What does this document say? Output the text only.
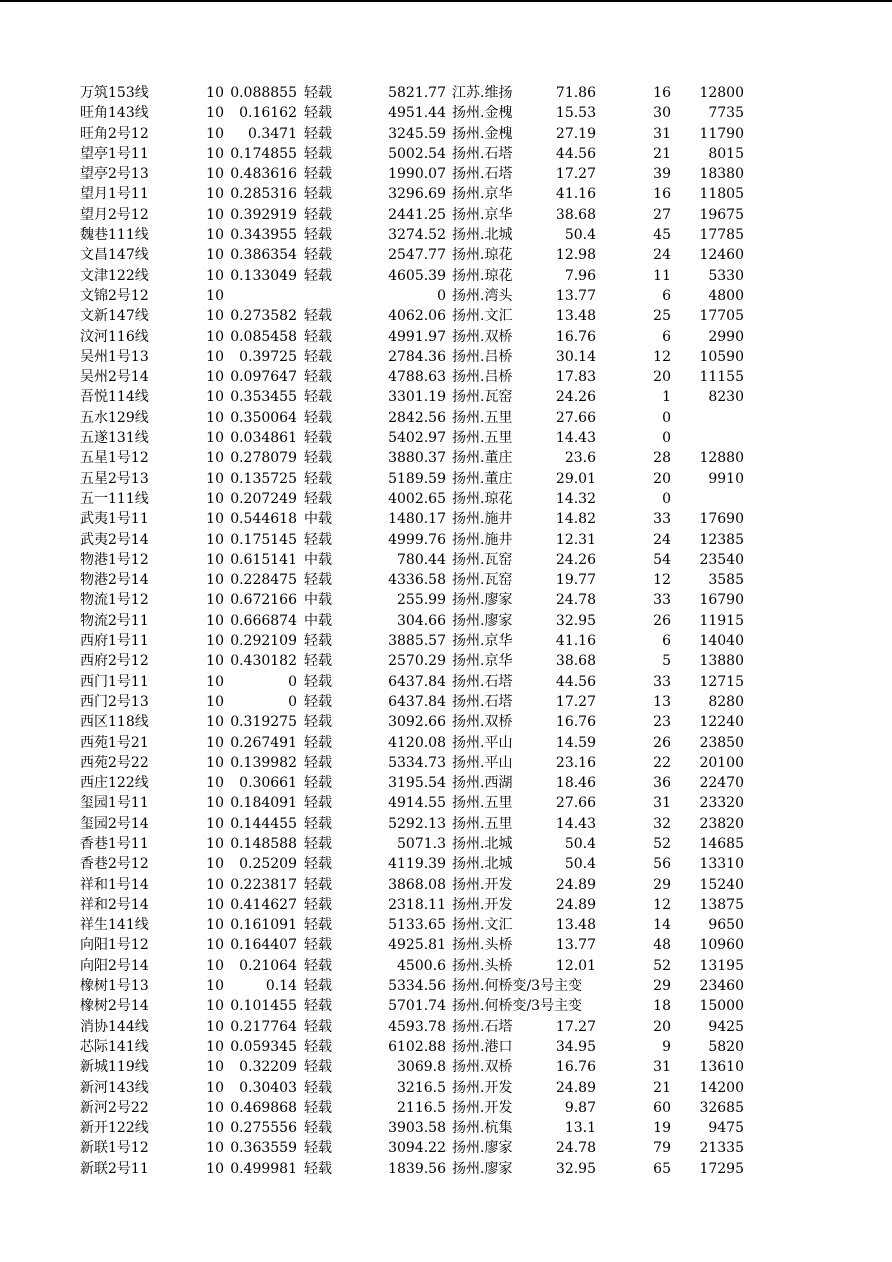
万筑153线	10 0.088855 轻载	5821.77 江苏.维扬	71.86	16	12800
旺角143线	10	0.16162 轻载	4951.44 扬州.金槐	15.53	30	7735
旺角2号12	10	0.3471 轻载	3245.59 扬州.金槐	27.19	31	11790
望亭1号11	10 0.174855 轻载	5002.54 扬州.石塔	44.56	21	8015
望亭2号13	10 0.483616 轻载	1990.07 扬州.石塔	17.27	39	18380
望月1号11	10 0.285316 轻载	3296.69 扬州.京华	41.16	16	11805
望月2号12	10 0.392919 轻载	2441.25 扬州.京华	38.68	27	19675
魏巷111线	10 0.343955 轻载	3274.52 扬州.北城	50.4	45	17785
文昌147线	10 0.386354 轻载	2547.77 扬州.琼花	12.98	24	12460
文津122线	10 0.133049 轻载	4605.39 扬州.琼花	7.96	11	5330
文锦2号12	10	0 扬州.湾头	13.77	6	4800
文新147线	10 0.273582 轻载	4062.06 扬州.文汇	13.48	25	17705
汶河116线	10 0.085458 轻载	4991.97 扬州.双桥	16.76	6	2990
吴州1号13	10	0.39725 轻载	2784.36 扬州.吕桥	30.14	12	10590
吴州2号14	10 0.097647 轻载	4788.63 扬州.吕桥	17.83	20	11155
吾悦114线	10 0.353455 轻载	3301.19 扬州.瓦窑	24.26	1	8230
五水129线	10 0.350064 轻载	2842.56 扬州.五里	27.66	0
五遂131线	10 0.034861 轻载	5402.97 扬州.五里	14.43	0
五星1号12	10 0.278079 轻载	3880.37 扬州.董庄	23.6	28	12880
五星2号13	10 0.135725 轻载	5189.59 扬州.董庄	29.01	20	9910
五一111线	10 0.207249 轻载	4002.65 扬州.琼花	14.32	0
武夷1号11	10 0.544618 中载	1480.17 扬州.施井	14.82	33	17690
武夷2号14	10 0.175145 轻载	4999.76 扬州.施井	12.31	24	12385
物港1号12	10 0.615141 中载	780.44 扬州.瓦窑	24.26	54	23540
物港2号14	10 0.228475 轻载	4336.58 扬州.瓦窑	19.77	12	3585
物流1号12	10 0.672166 中载	255.99 扬州.廖家	24.78	33	16790
物流2号11	10 0.666874 中载	304.66 扬州.廖家	32.95	26	11915
西府1号11	10 0.292109 轻载	3885.57 扬州.京华	41.16	6	14040
西府2号12	10 0.430182 轻载	2570.29 扬州.京华	38.68	5	13880
西门1号11	10	0 轻载	6437.84 扬州.石塔	44.56	33	12715
西门2号13	10	0 轻载	6437.84 扬州.石塔	17.27	13	8280
西区118线	10 0.319275 轻载	3092.66 扬州.双桥	16.76	23	12240
西苑1号21	10 0.267491 轻载	4120.08 扬州.平山	14.59	26	23850
西苑2号22	10 0.139982 轻载	5334.73 扬州.平山	23.16	22	20100
西庄122线	10	0.30661 轻载	3195.54 扬州.西湖	18.46	36	22470
玺园1号11	10 0.184091 轻载	4914.55 扬州.五里	27.66	31	23320
玺园2号14	10 0.144455 轻载	5292.13 扬州.五里	14.43	32	23820
香巷1号11	10 0.148588 轻载	5071.3 扬州.北城	50.4	52	14685
香巷2号12	10	0.25209 轻载	4119.39 扬州.北城	50.4	56	13310
祥和1号14	10 0.223817 轻载	3868.08 扬州.开发	24.89	29	15240
祥和2号14	10 0.414627 轻载	2318.11 扬州.开发	24.89	12	13875
祥生141线	10 0.161091 轻载	5133.65 扬州.文汇	13.48	14	9650
向阳1号12	10 0.164407 轻载	4925.81 扬州.头桥	13.77	48	10960
向阳2号14	10	0.21064 轻载	4500.6 扬州.头桥	12.01	52	13195
橡树1号13	10	0.14 轻载	5334.56 扬州.何桥变/3号主变	29	23460
橡树2号14	10 0.101455 轻载	5701.74 扬州.何桥变/3号主变	18	15000
消协144线	10 0.217764 轻载	4593.78 扬州.石塔	17.27	20	9425
芯际141线	10 0.059345 轻载	6102.88 扬州.港口	34.95	9	5820
新城119线	10	0.32209 轻载	3069.8 扬州.双桥	16.76	31	13610
新河143线	10	0.30403 轻载	3216.5 扬州.开发	24.89	21	14200
新河2号22	10 0.469868 轻载	2116.5 扬州.开发	9.87	60	32685
新开122线	10 0.275556 轻载	3903.58 扬州.杭集	13.1	19	9475
新联1号12	10 0.363559 轻载	3094.22 扬州.廖家	24.78	79	21335
新联2号11	10 0.499981 轻载	1839.56 扬州.廖家	32.95	65	17295
